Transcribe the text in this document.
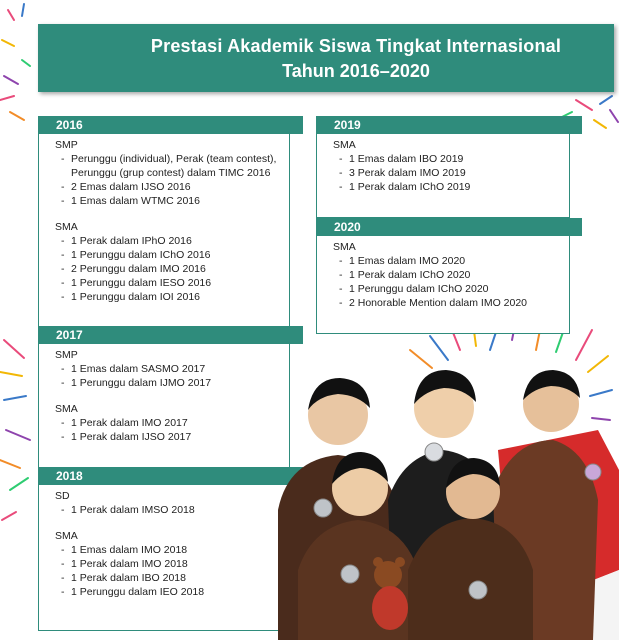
Prestasi Akademik Siswa Tingkat Internasional
Tahun 2016–2020
2016
SMP
- Perunggu (individual), Perak (team contest),
Perunggu (grup contest) dalam TIMC 2016
- 2 Emas dalam IJSO 2016
- 1 Emas dalam WTMC 2016
SMA
- 1 Perak dalam IPhO 2016
- 1 Perunggu dalam IChO 2016
- 2 Perunggu dalam IMO 2016
- 1 Perunggu dalam IESO 2016
- 1 Perunggu dalam IOI 2016
2017
SMP
- 1 Emas dalam SASMO 2017
- 1 Perunggu dalam IJMO 2017
SMA
- 1 Perak dalam IMO 2017
- 1 Perak dalam IJSO 2017
2018
SD
- 1 Perak dalam IMSO 2018
SMA
- 1 Emas dalam IMO 2018
- 1 Perak dalam IMO 2018
- 1 Perak dalam IBO 2018
- 1 Perunggu dalam IEO 2018
2019
SMA
- 1 Emas dalam IBO 2019
- 3 Perak dalam IMO 2019
- 1 Perak dalam IChO 2019
2020
SMA
- 1 Emas dalam IMO 2020
- 1 Perak dalam IChO 2020
- 1 Perunggu dalam IChO 2020
- 2 Honorable Mention dalam IMO 2020
